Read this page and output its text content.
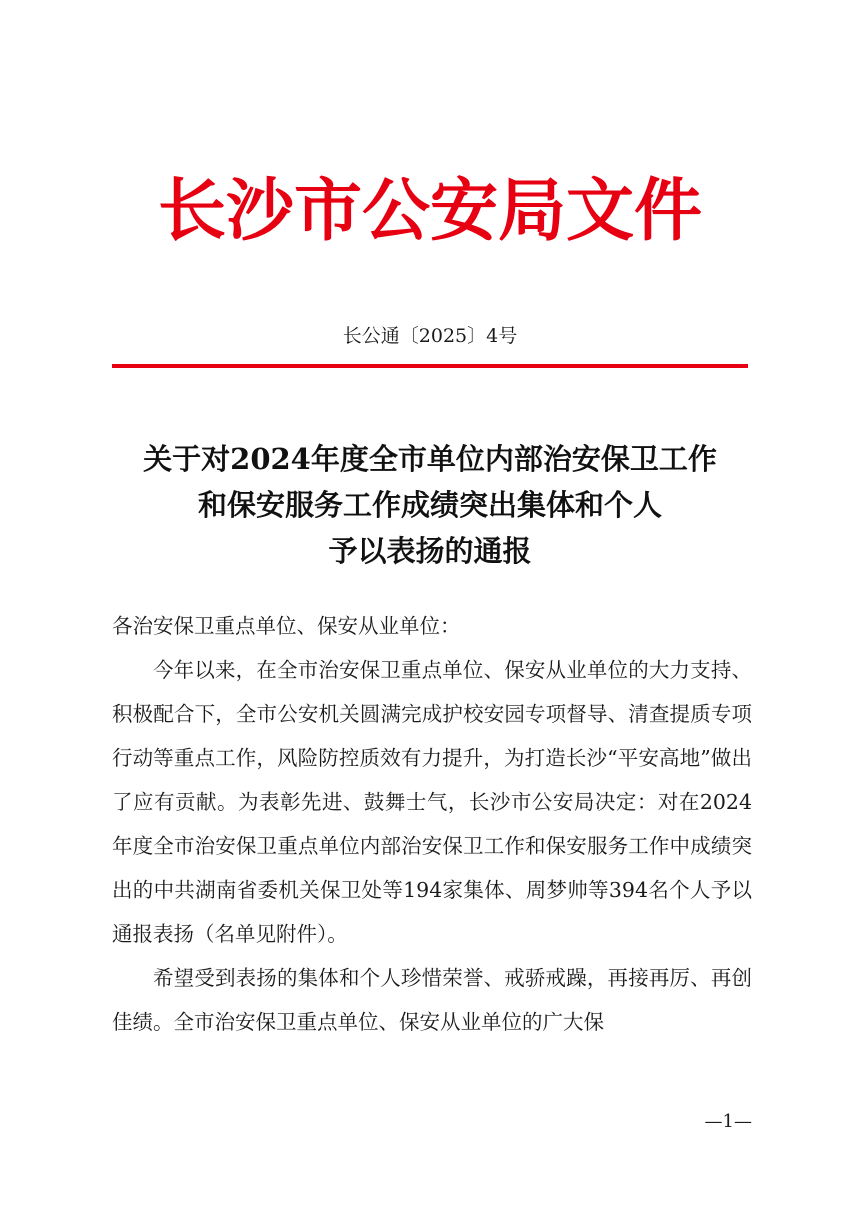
长沙市公安局文件
长公通〔2025〕4号
关于对2024年度全市单位内部治安保卫工作
和保安服务工作成绩突出集体和个人
予以表扬的通报

各治安保卫重点单位、保安从业单位：

今年以来，在全市治安保卫重点单位、保安从业单位的大力支持、积极配合下，全市公安机关圆满完成护校安园专项督导、清查提质专项行动等重点工作，风险防控质效有力提升，为打造长沙“平安高地”做出了应有贡献。为表彰先进、鼓舞士气，长沙市公安局决定：对在2024年度全市治安保卫重点单位内部治安保卫工作和保安服务工作中成绩突出的中共湖南省委机关保卫处等194家集体、周梦帅等394名个人予以通报表扬（名单见附件）。

希望受到表扬的集体和个人珍惜荣誉、戒骄戒躁，再接再厉、再创佳绩。全市治安保卫重点单位、保安从业单位的广大保

—1—
